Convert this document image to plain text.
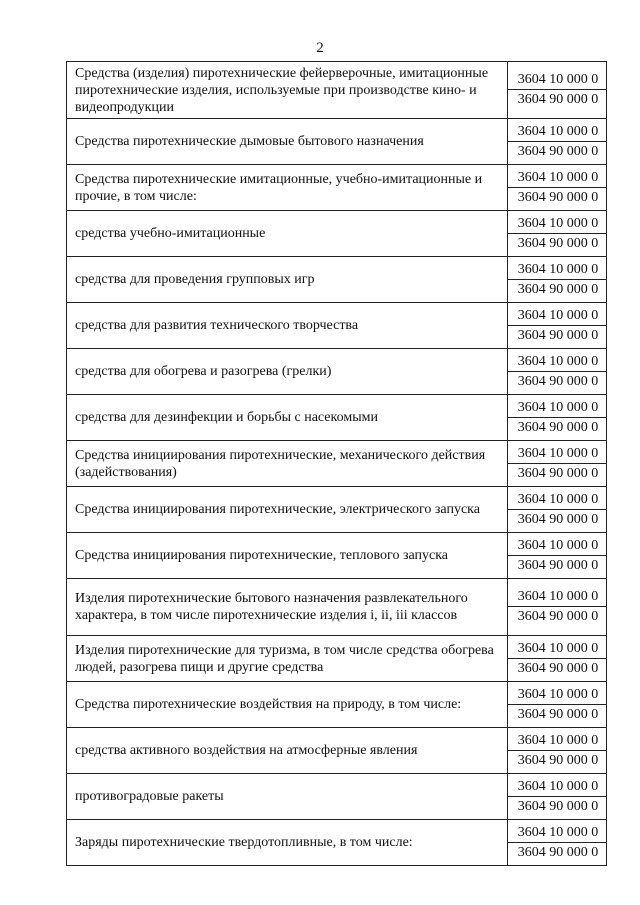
2
Средства (изделия) пиротехнические фейерверочные, имитационные пиротехнические изделия, используемые при производстве кино- и видеопродукции	3604 10 000 0
3604 90 000 0

Средства пиротехнические дымовые бытового назначения	3604 10 000 0
3604 90 000 0

Средства пиротехнические имитационные, учебно-имитационные и прочие, в том числе:	3604 10 000 0
3604 90 000 0

средства учебно-имитационные	3604 10 000 0
3604 90 000 0

средства для проведения групповых игр	3604 10 000 0
3604 90 000 0

средства для развития технического творчества	3604 10 000 0
3604 90 000 0

средства для обогрева и разогрева (грелки)	3604 10 000 0
3604 90 000 0

средства для дезинфекции и борьбы с насекомыми	3604 10 000 0
3604 90 000 0

Средства инициирования пиротехнические, механического действия (задействования)	3604 10 000 0
3604 90 000 0

Средства инициирования пиротехнические, электрического запуска	3604 10 000 0
3604 90 000 0

Средства инициирования пиротехнические, теплового запуска	3604 10 000 0
3604 90 000 0

Изделия пиротехнические бытового назначения развлекательного характера, в том числе пиротехнические изделия i, ii, iii классов	3604 10 000 0
3604 90 000 0

Изделия пиротехнические для туризма, в том числе средства обогрева людей, разогрева пищи и другие средства	3604 10 000 0
3604 90 000 0

Средства пиротехнические воздействия на природу, в том числе:	3604 10 000 0
3604 90 000 0

средства активного воздействия на атмосферные явления	3604 10 000 0
3604 90 000 0

противоградовые ракеты	3604 10 000 0
3604 90 000 0

Заряды пиротехнические твердотопливные, в том числе:	3604 10 000 0
3604 90 000 0
